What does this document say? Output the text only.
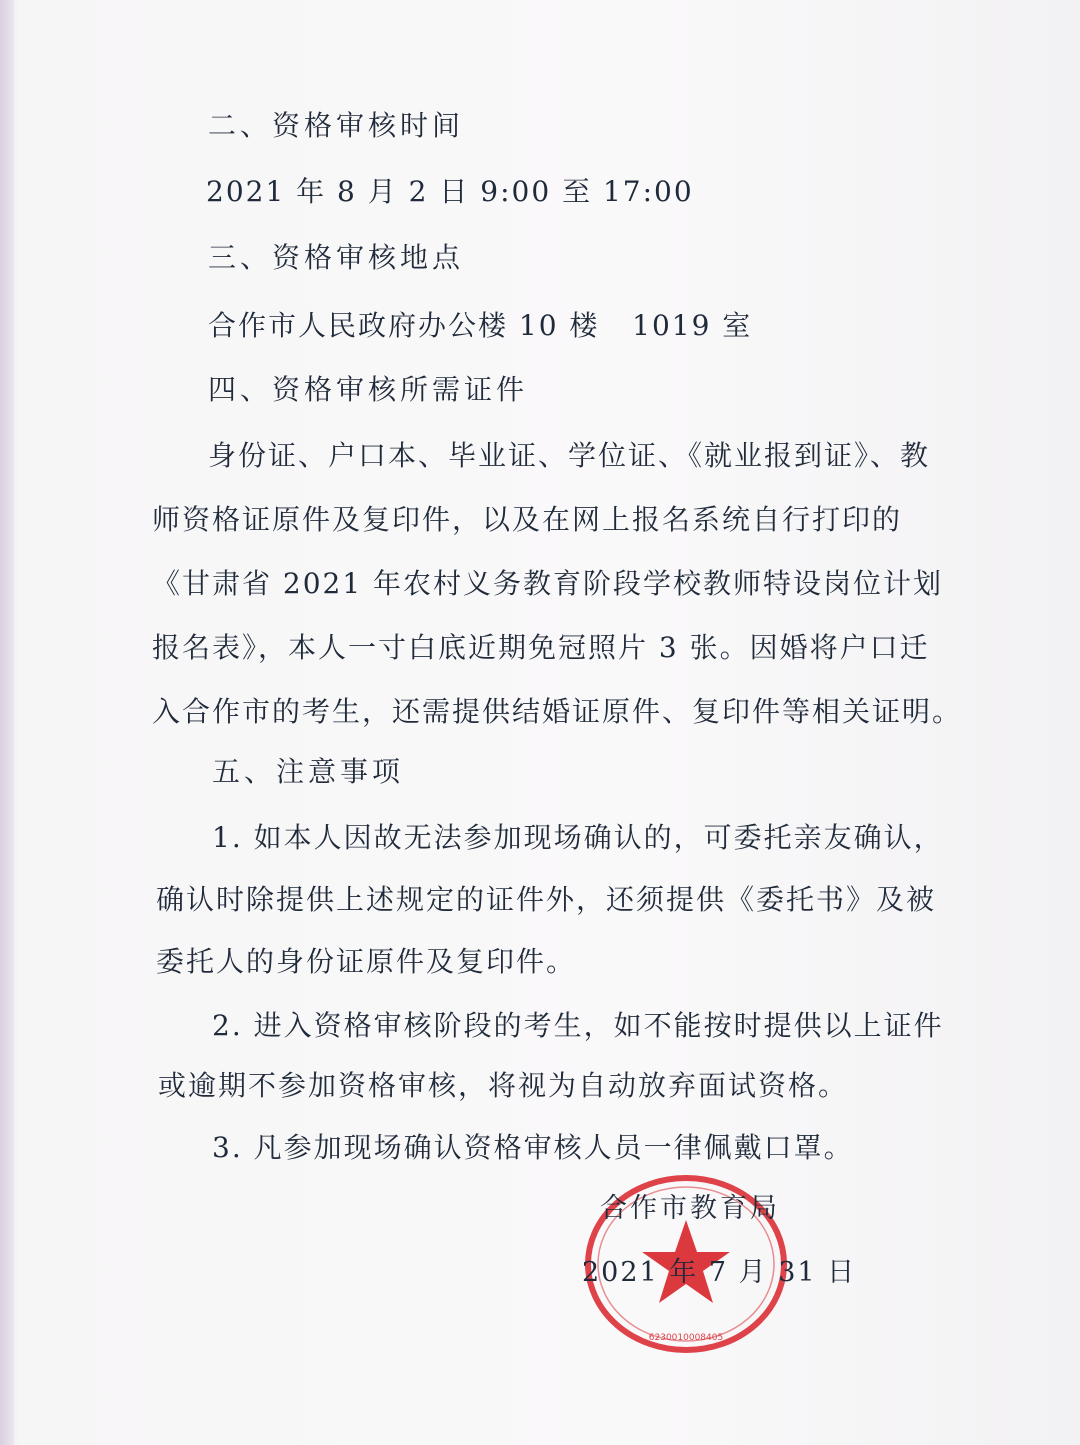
二、资格审核时间
2021 年 8 月 2 日 9:00 至 17:00
三、资格审核地点
合作市人民政府办公楼 10 楼   1019 室
四、资格审核所需证件
身份证、户口本、毕业证、学位证、《就业报到证》、教
师资格证原件及复印件，以及在网上报名系统自行打印的
《甘肃省 2021 年农村义务教育阶段学校教师特设岗位计划
报名表》，本人一寸白底近期免冠照片 3 张。因婚将户口迁
入合作市的考生，还需提供结婚证原件、复印件等相关证明。
五、注意事项
1. 如本人因故无法参加现场确认的，可委托亲友确认，
确认时除提供上述规定的证件外，还须提供《委托书》及被
委托人的身份证原件及复印件。
2. 进入资格审核阶段的考生，如不能按时提供以上证件
或逾期不参加资格审核，将视为自动放弃面试资格。
3. 凡参加现场确认资格审核人员一律佩戴口罩。
6230010008405
合作市教育局
2021 年 7 月 31 日
